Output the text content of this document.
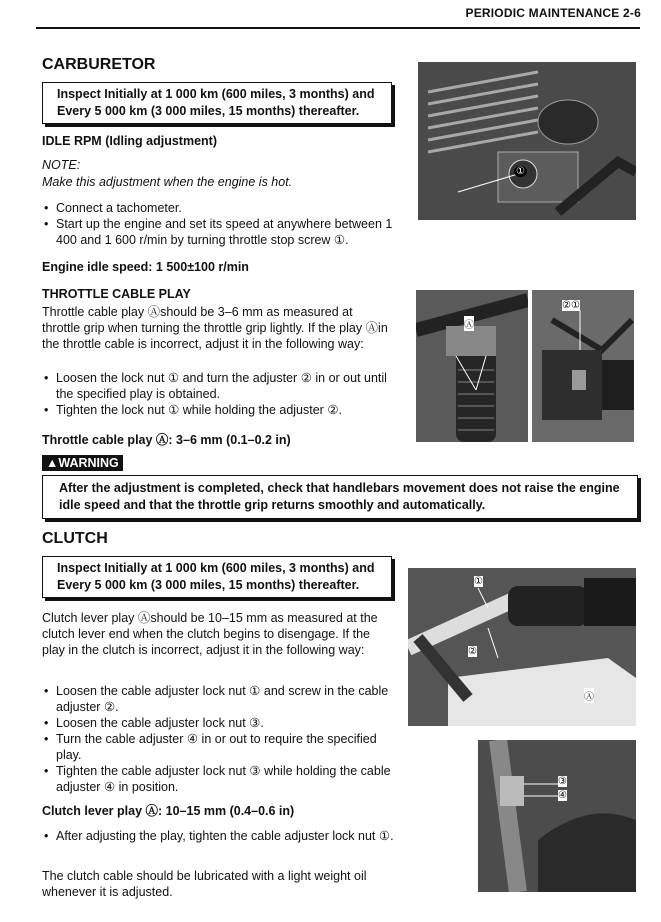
PERIODIC MAINTENANCE 2-6
CARBURETOR
Inspect Initially at 1 000 km (600 miles, 3 months) and
Every 5 000 km (3 000 miles, 15 months) thereafter.
IDLE RPM (Idling adjustment)
NOTE:
Make this adjustment when the engine is hot.
• Connect a tachometer.
• Start up the engine and set its speed at anywhere between 1 400 and 1 600 r/min by turning throttle stop screw ①.
Engine idle speed: 1 500±100 r/min
THROTTLE CABLE PLAY
Throttle cable play Ⓐshould be 3–6 mm as measured at throttle grip when turning the throttle grip lightly. If the play Ⓐin the throttle cable is incorrect, adjust it in the following way:
• Loosen the lock nut ① and turn the adjuster ② in or out until the specified play is obtained.
• Tighten the lock nut ① while holding the adjuster ②.
Throttle cable play Ⓐ: 3–6 mm (0.1–0.2 in)
▲WARNING
After the adjustment is completed, check that handlebars movement does not raise the engine idle speed and that the throttle grip returns smoothly and automatically.
CLUTCH
Inspect Initially at 1 000 km (600 miles, 3 months) and
Every 5 000 km (3 000 miles, 15 months) thereafter.
Clutch lever play Ⓐshould be 10–15 mm as measured at the clutch lever end when the clutch begins to disengage. If the play in the clutch is incorrect, adjust it in the following way:
• Loosen the cable adjuster lock nut ① and screw in the cable adjuster ②.
• Loosen the cable adjuster lock nut ③.
• Turn the cable adjuster ④ in or out to require the specified play.
• Tighten the cable adjuster lock nut ③ while holding the cable adjuster ④ in position.
Clutch lever play Ⓐ: 10–15 mm (0.4–0.6 in)
• After adjusting the play, tighten the cable adjuster lock nut ①.
The clutch cable should be lubricated with a light weight oil whenever it is adjusted.
①
Ⓐ
②①
①
②
Ⓐ
③
④
